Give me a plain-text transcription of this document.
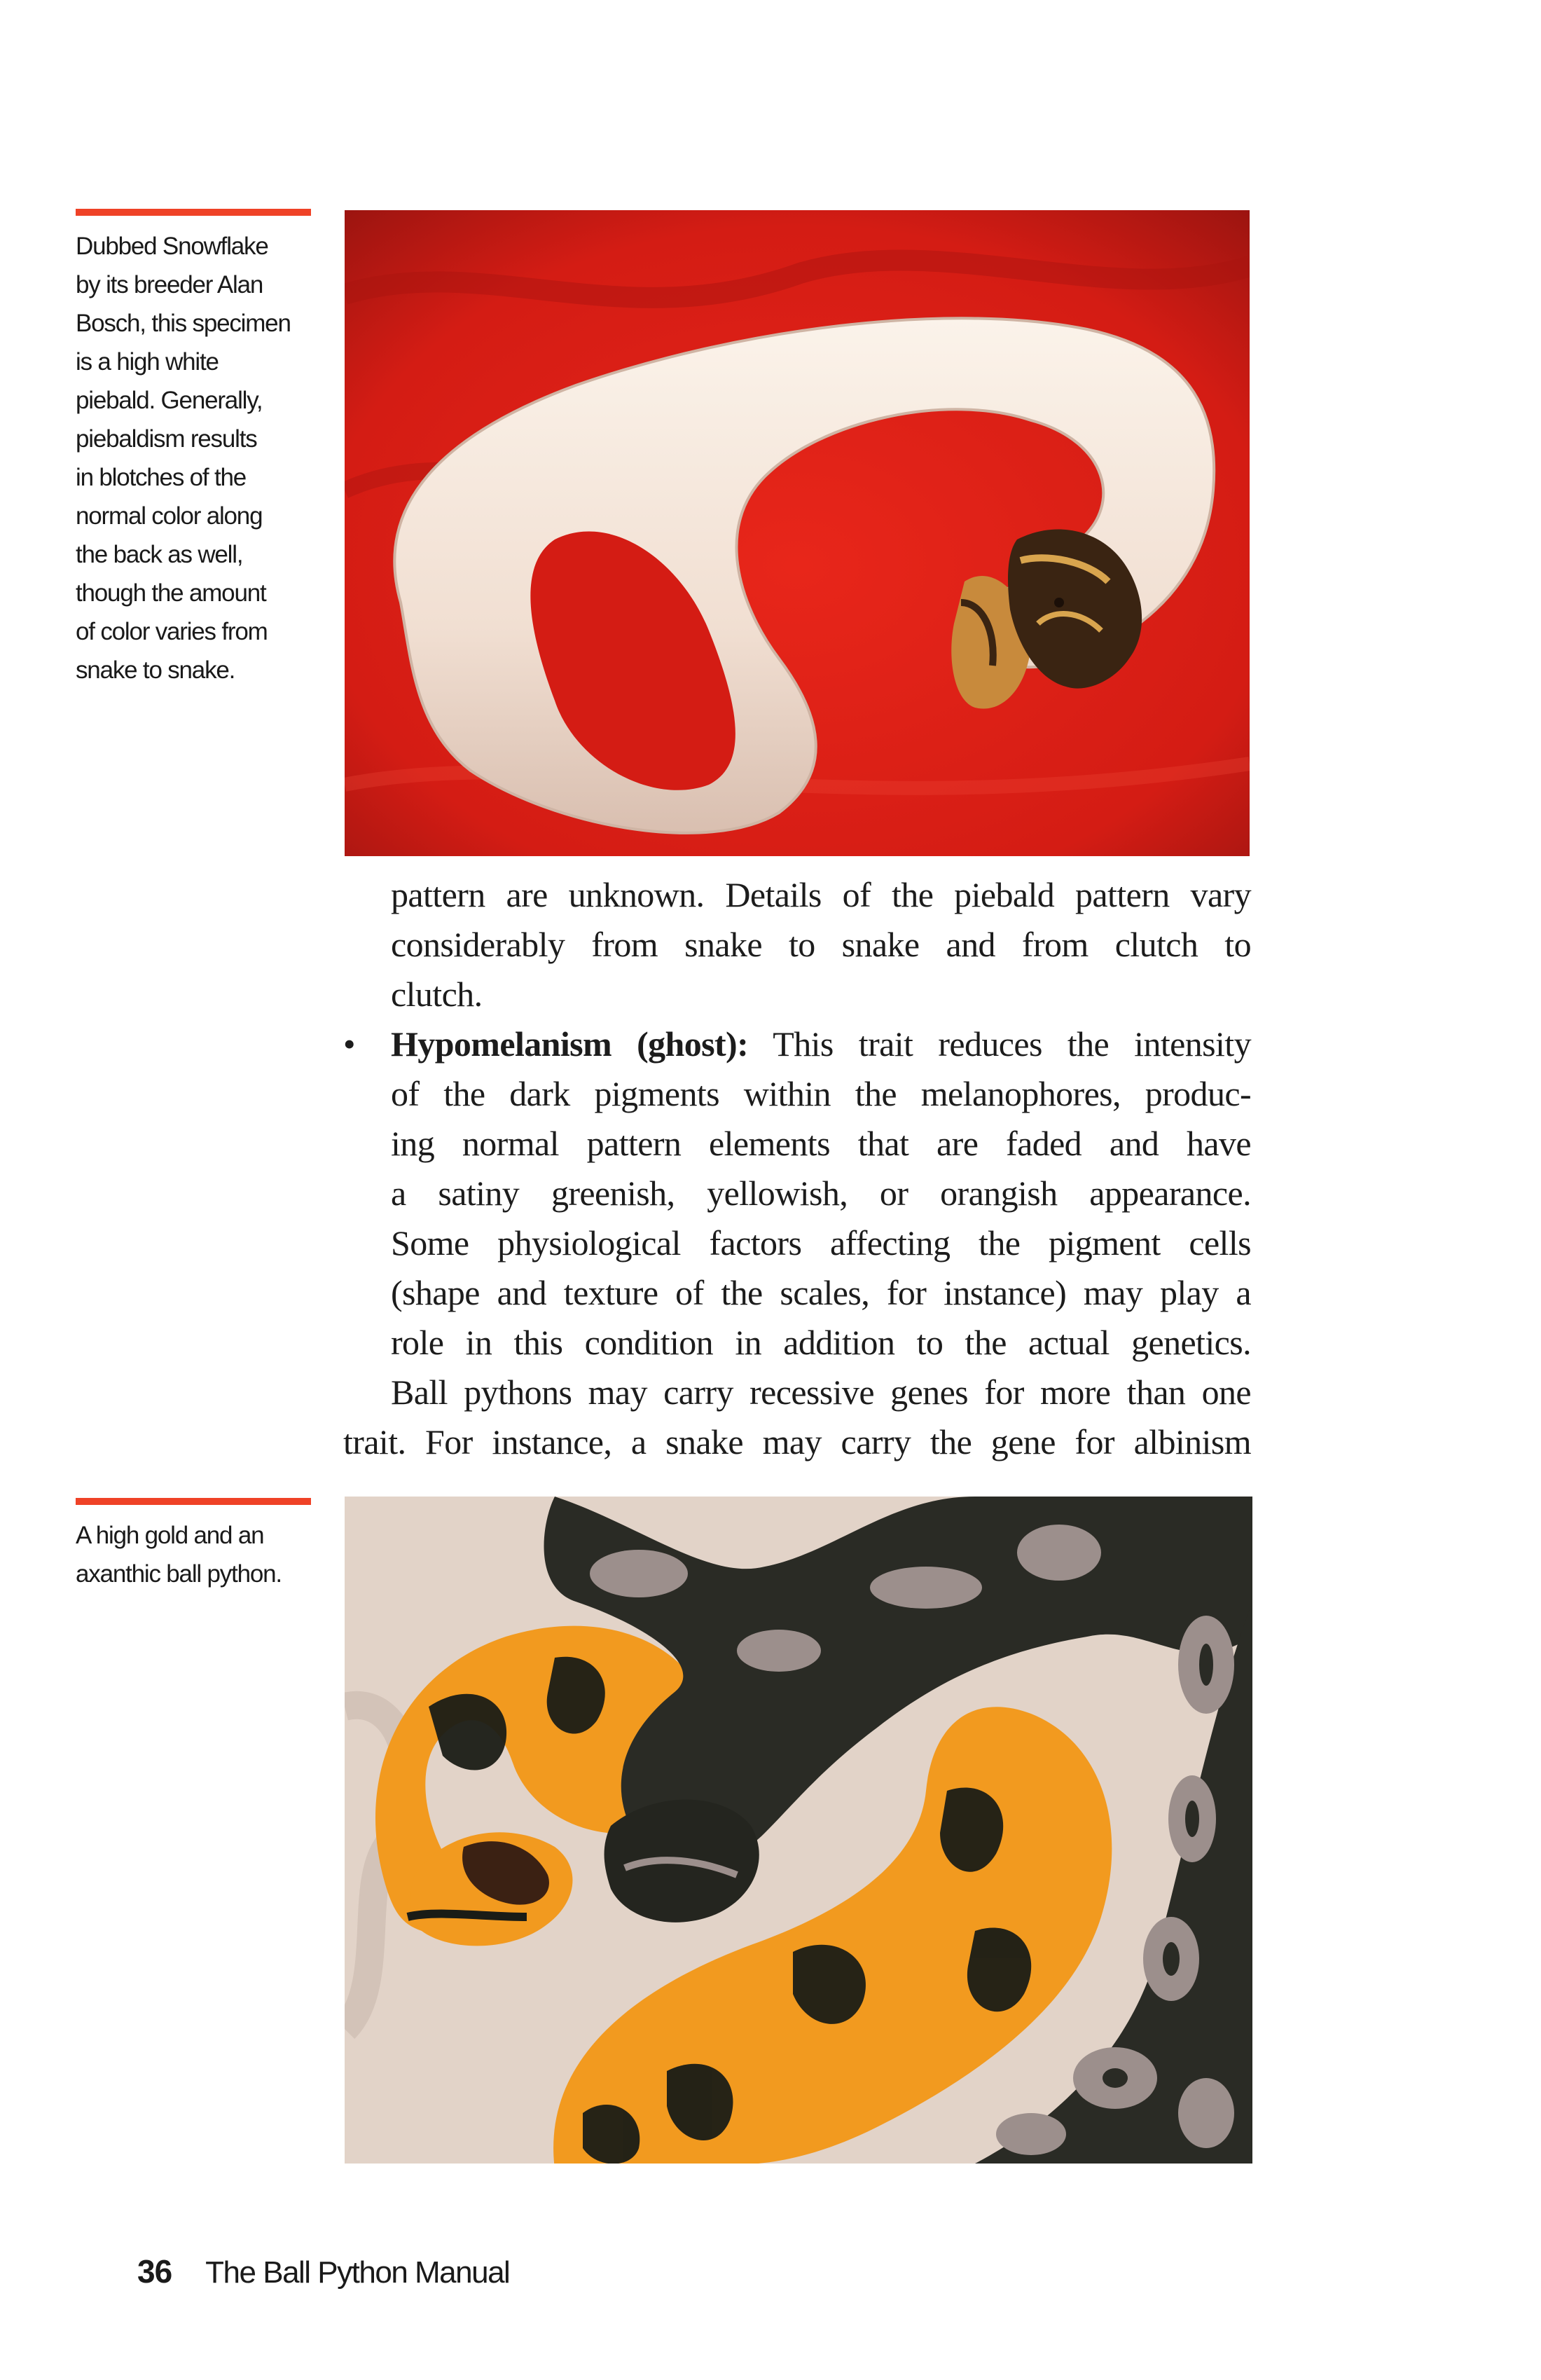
Dubbed Snowflake
by its breeder Alan
Bosch, this specimen
is a high white
piebald. Generally,
piebaldism results
in blotches of the
normal color along
the back as well,
though the amount
of color varies from
snake to snake.
pattern are unknown. Details of the piebald pattern vary
considerably from snake to snake and from clutch to
clutch.
•	Hypomelanism (ghost): This trait reduces the intensity
of the dark pigments within the melanophores, produc-
ing normal pattern elements that are faded and have
a satiny greenish, yellowish, or orangish appearance.
Some physiological factors affecting the pigment cells
(shape and texture of the scales, for instance) may play a
role in this condition in addition to the actual genetics.
Ball pythons may carry recessive genes for more than one
trait. For instance, a snake may carry the gene for albinism
A high gold and an
axanthic ball python.
36 The Ball Python Manual
